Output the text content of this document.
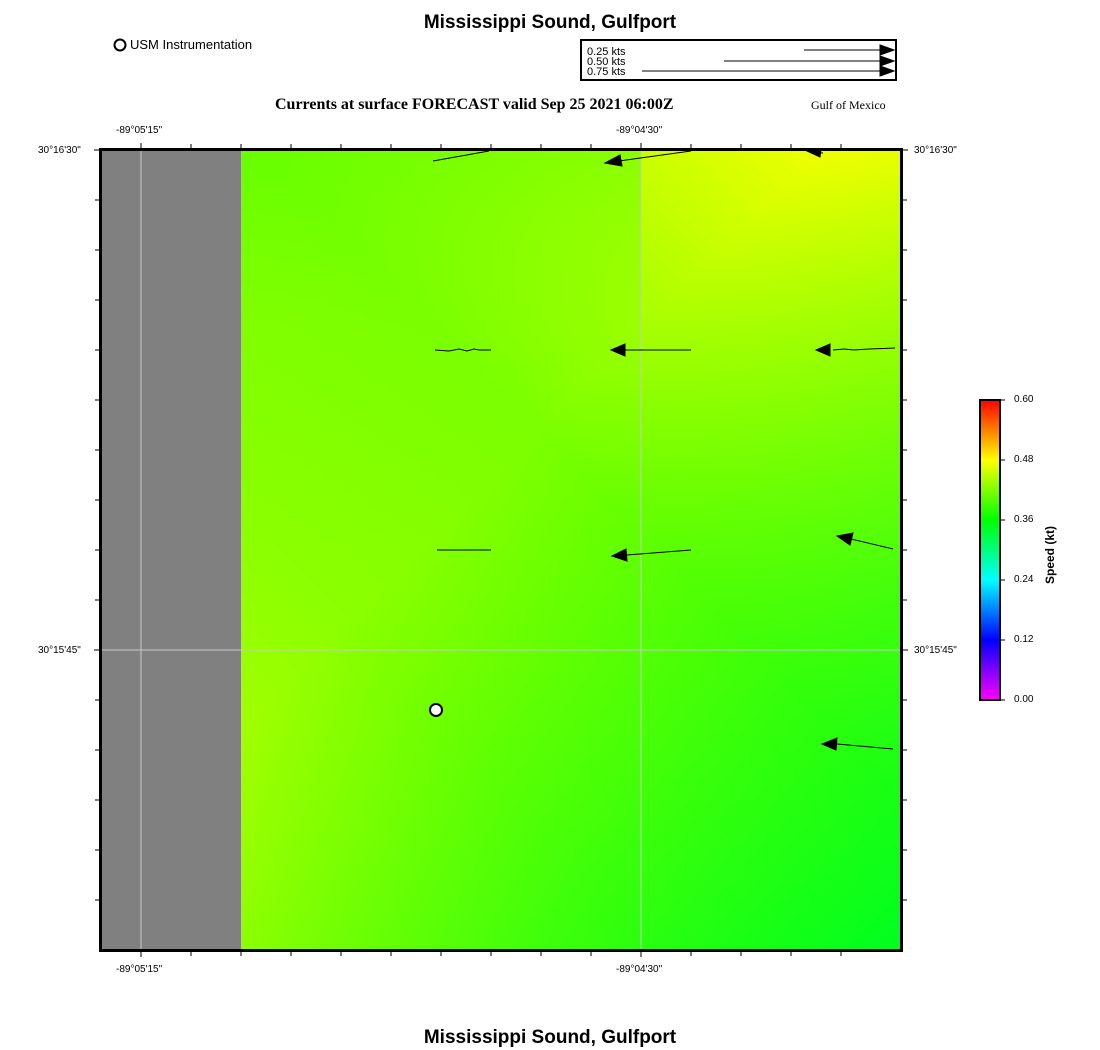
Mississippi Sound, Gulfport
Mississippi Sound, Gulfport
USM Instrumentation	0.25 kts
0.50 kts
0.75 kts
Currents at surface FORECAST valid Sep 25 2021 06:00Z	Gulf of Mexico
-89°05'15"	-89°04'30"
-89°05'15"	-89°04'30"
30°16'30"
30°15'45"
30°16'30"
30°15'45"
0.60
0.48
0.36
0.24
0.12
0.00
Speed (kt)
